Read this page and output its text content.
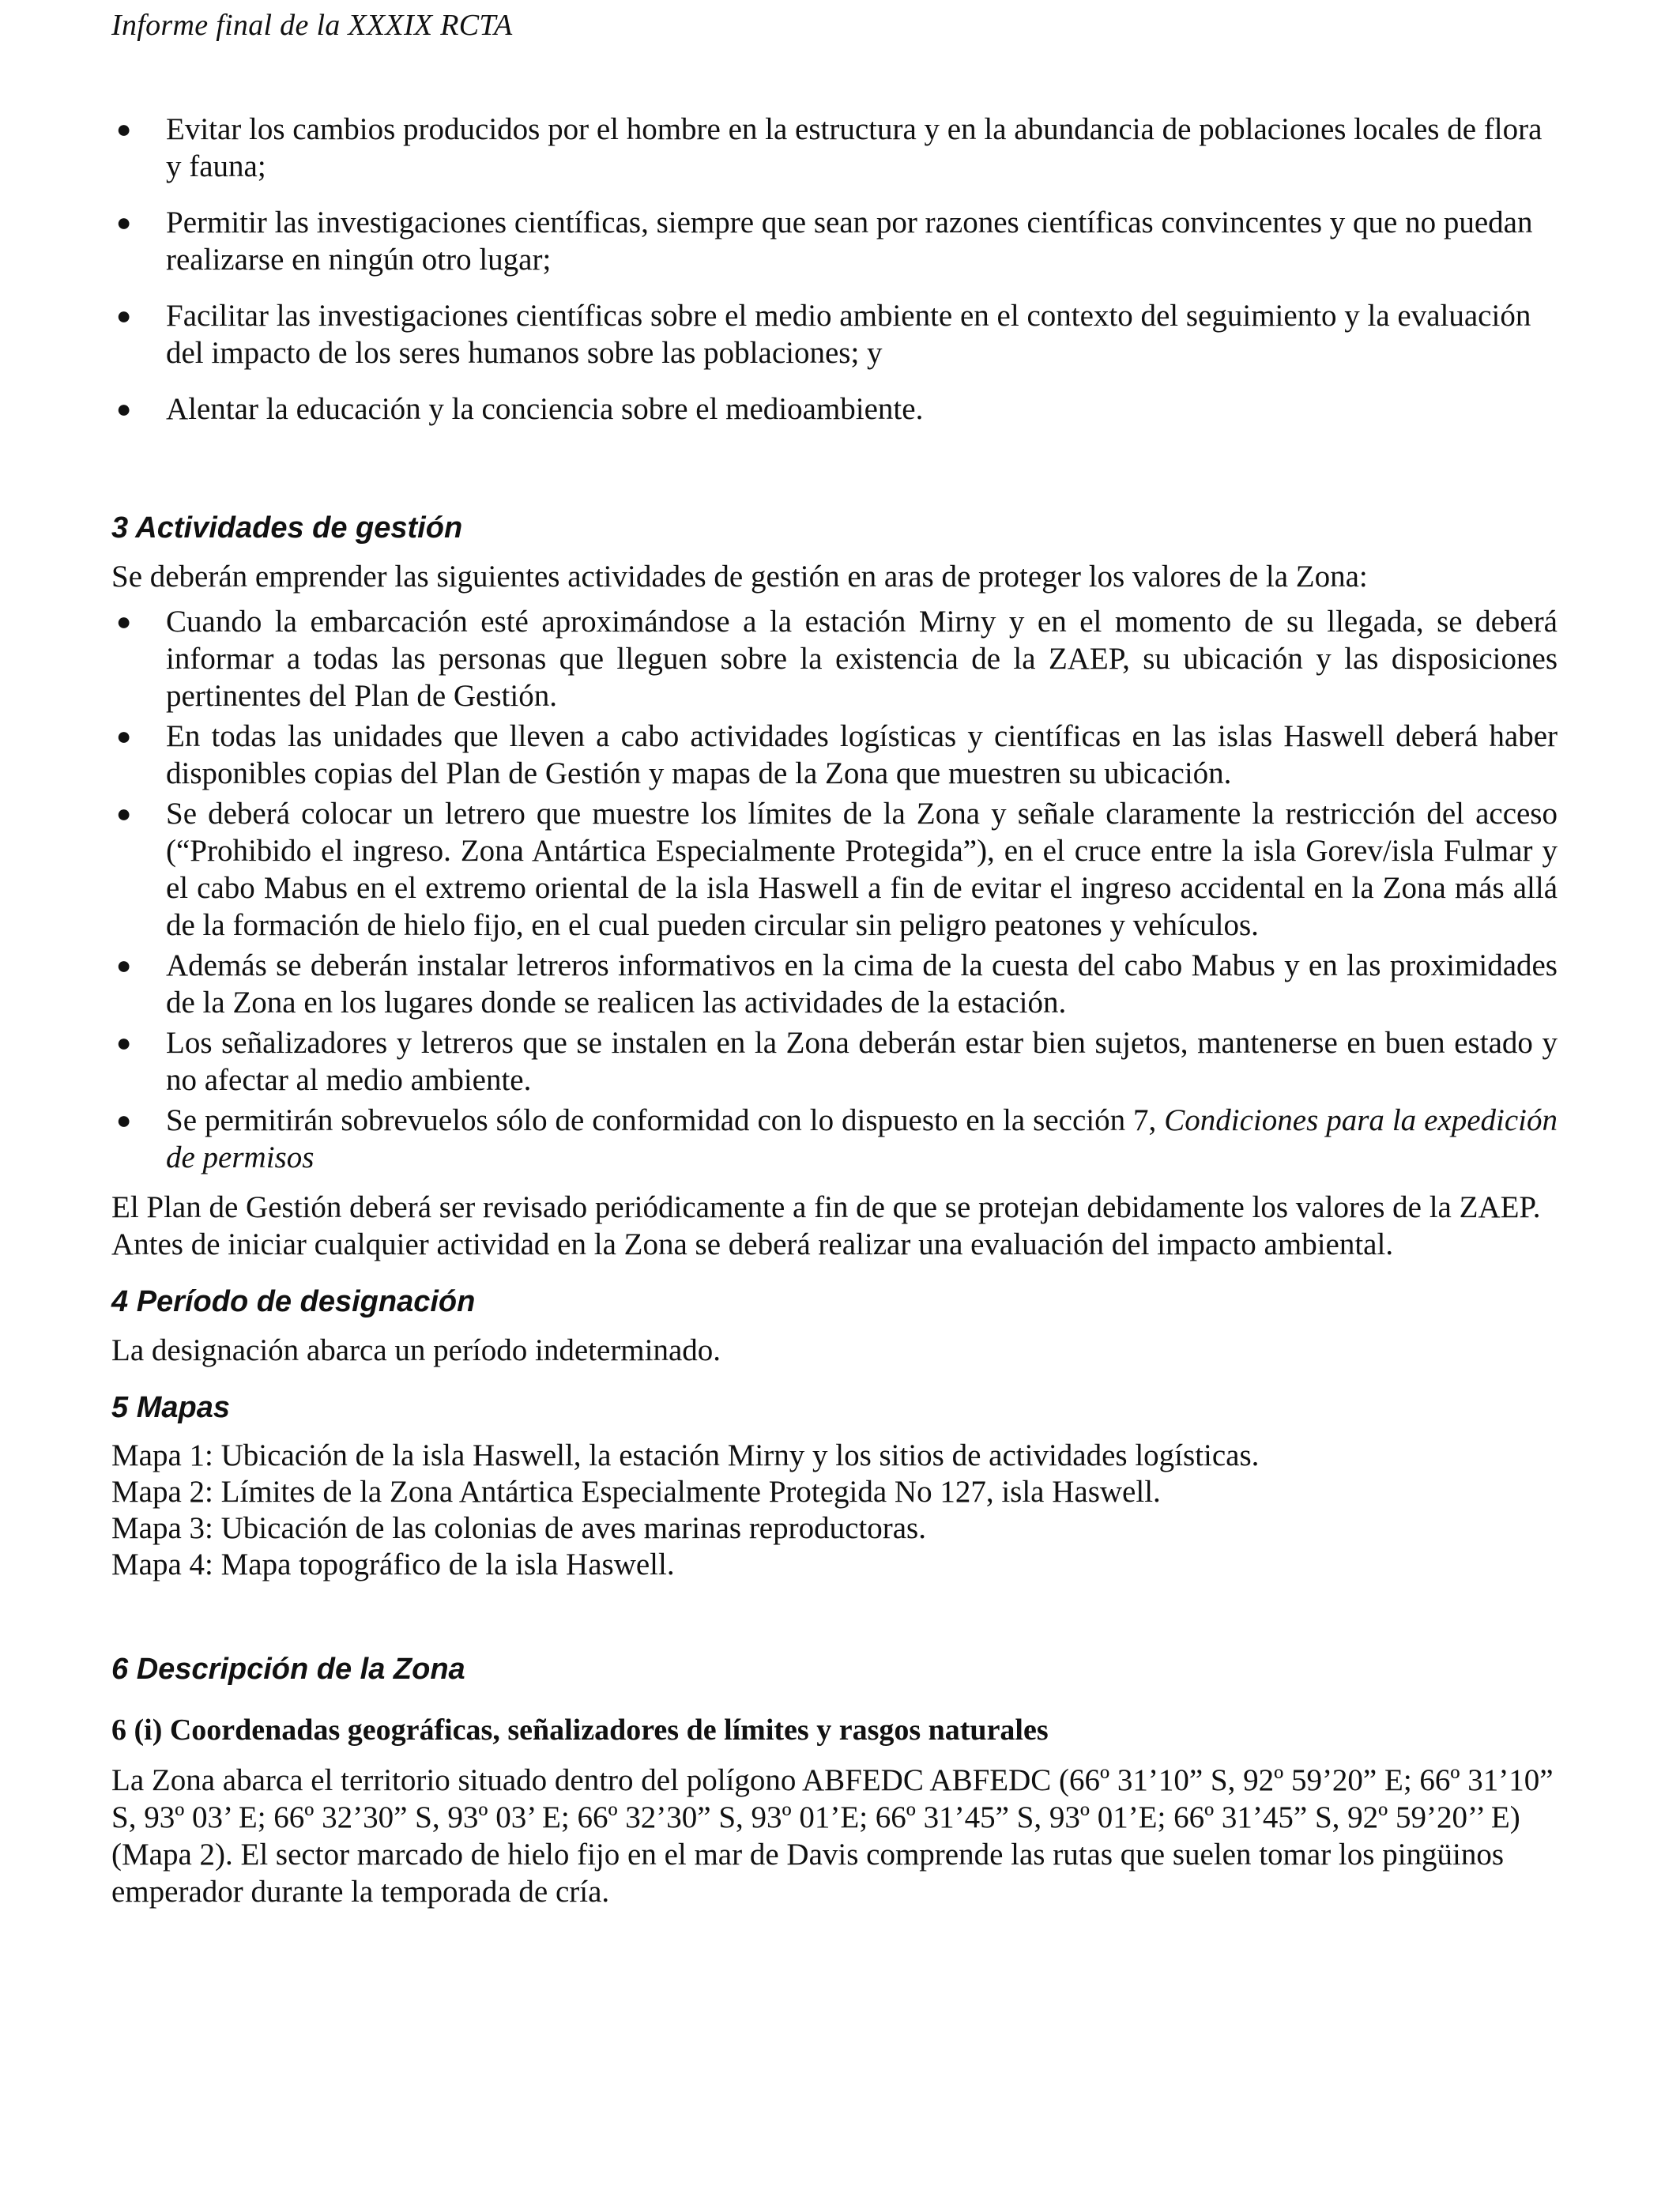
Informe final de la XXXIX RCTA
● Evitar los cambios producidos por el hombre en la estructura y en la abundancia de poblaciones locales de flora y fauna;
● Permitir las investigaciones científicas, siempre que sean por razones científicas convincentes y que no puedan realizarse en ningún otro lugar;
● Facilitar las investigaciones científicas sobre el medio ambiente en el contexto del seguimiento y la evaluación del impacto de los seres humanos sobre las poblaciones; y
● Alentar la educación y la conciencia sobre el medioambiente.
3 Actividades de gestión

Se deberán emprender las siguientes actividades de gestión en aras de proteger los valores de la Zona:

● Cuando la embarcación esté aproximándose a la estación Mirny y en el momento de su llegada, se deberá informar a todas las personas que lleguen sobre la existencia de la ZAEP, su ubicación y las disposiciones pertinentes del Plan de Gestión.
● En todas las unidades que lleven a cabo actividades logísticas y científicas en las islas Haswell deberá haber disponibles copias del Plan de Gestión y mapas de la Zona que muestren su ubicación.
● Se deberá colocar un letrero que muestre los límites de la Zona y señale claramente la restricción del acceso (“Prohibido el ingreso. Zona Antártica Especialmente Protegida”), en el cruce entre la isla Gorev/isla Fulmar y el cabo Mabus en el extremo oriental de la isla Haswell a fin de evitar el ingreso accidental en la Zona más allá de la formación de hielo fijo, en el cual pueden circular sin peligro peatones y vehículos.
● Además se deberán instalar letreros informativos en la cima de la cuesta del cabo Mabus y en las proximidades de la Zona en los lugares donde se realicen las actividades de la estación.
● Los señalizadores y letreros que se instalen en la Zona deberán estar bien sujetos, mantenerse en buen estado y no afectar al medio ambiente.
● Se permitirán sobrevuelos sólo de conformidad con lo dispuesto en la sección 7, Condiciones para la expedición de permisos

El Plan de Gestión deberá ser revisado periódicamente a fin de que se protejan debidamente los valores de la ZAEP. Antes de iniciar cualquier actividad en la Zona se deberá realizar una evaluación del impacto ambiental.

4 Período de designación

La designación abarca un período indeterminado.

5 Mapas
Mapa 1: Ubicación de la isla Haswell, la estación Mirny y los sitios de actividades logísticas.
Mapa 2: Límites de la Zona Antártica Especialmente Protegida No 127, isla Haswell.
Mapa 3: Ubicación de las colonias de aves marinas reproductoras.
Mapa 4: Mapa topográfico de la isla Haswell.
6 Descripción de la Zona
6 (i) Coordenadas geográficas, señalizadores de límites y rasgos naturales

La Zona abarca el territorio situado dentro del polígono ABFEDC ABFEDC (66º 31’10” S, 92º 59’20” E; 66º 31’10” S, 93º 03’ E; 66º 32’30” S, 93º 03’ E; 66º 32’30” S, 93º 01’E; 66º 31’45” S, 93º 01’E; 66º 31’45” S, 92º 59’20’’ E) (Mapa 2). El sector marcado de hielo fijo en el mar de Davis comprende las rutas que suelen tomar los pingüinos emperador durante la temporada de cría.
